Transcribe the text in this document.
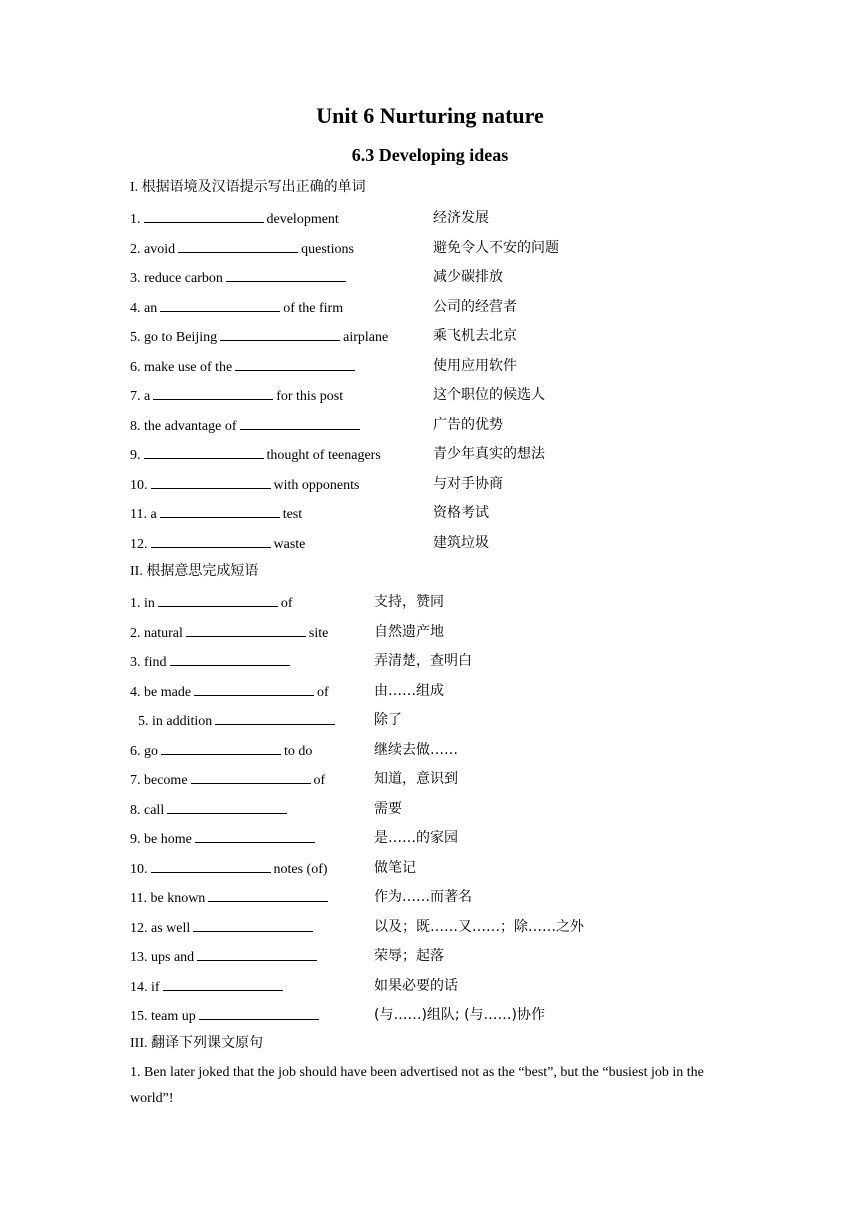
Unit 6 Nurturing nature
6.3 Developing ideas
I. 根据语境及汉语提示写出正确的单词
1.	development	经济发展
2. avoid	questions	避免令人不安的问题
3. reduce carbon	减少碳排放
4. an	of the firm	公司的经营者
5. go to Beijing	airplane	乘飞机去北京
6. make use of the	使用应用软件
7. a	for this post	这个职位的候选人
8. the advantage of	广告的优势
9.	thought of teenagers	青少年真实的想法
10.	with opponents	与对手协商
11. a	test	资格考试
12.	waste	建筑垃圾
II. 根据意思完成短语
1. in	of	支持，赞同
2. natural	site	自然遗产地
3. find	弄清楚，查明白
4. be made	of	由……组成
5. in addition	除了
6. go	to do	继续去做……
7. become	of	知道，意识到
8. call	需要
9. be home	是……的家园
10.	notes (of)	做笔记
11. be known	作为……而著名
12. as well	以及；既……又……；除……之外
13. ups and	荣辱；起落
14. if	如果必要的话
15. team up	(与……)组队; (与……)协作
III. 翻译下列课文原句
1. Ben later joked that the job should have been advertised not as the “best”, but the “busiest job in the world”!
